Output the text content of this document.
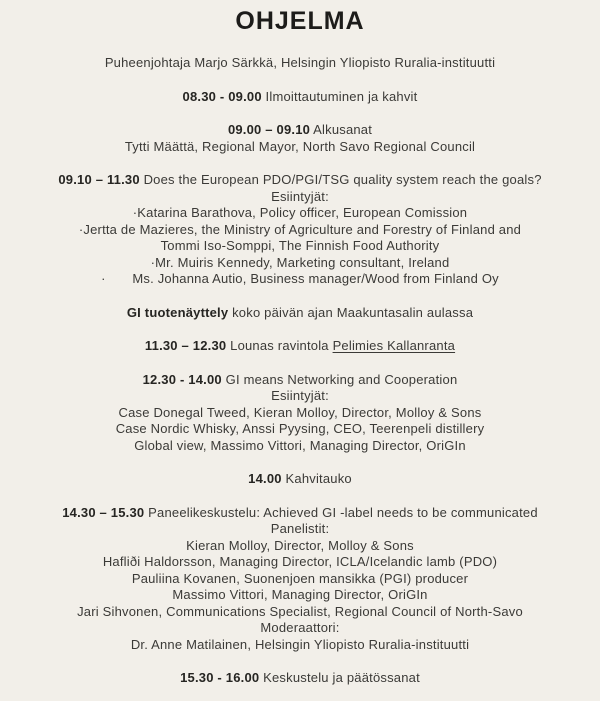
OHJELMA
Puheenjohtaja Marjo Särkkä, Helsingin Yliopisto Ruralia-instituutti
08.30 - 09.00 Ilmoittautuminen ja kahvit
09.00 – 09.10 Alkusanat
Tytti Määttä, Regional Mayor, North Savo Regional Council
09.10 – 11.30 Does the European PDO/PGI/TSG quality system reach the goals?
Esiintyjät:
·Katarina Barathova, Policy officer, European Comission
·Jertta de Mazieres, the Ministry of Agriculture and Forestry of Finland and
Tommi Iso-Somppi, The Finnish Food Authority
·Mr. Muiris Kennedy, Marketing consultant, Ireland
·       Ms. Johanna Autio, Business manager/Wood from Finland Oy
GI tuotenäyttely koko päivän ajan Maakuntasalin aulassa
11.30 – 12.30 Lounas ravintola Pelimies Kallanranta
12.30 - 14.00 GI means Networking and Cooperation
Esiintyjät:
Case Donegal Tweed, Kieran Molloy, Director, Molloy & Sons
Case Nordic Whisky, Anssi Pyysing, CEO, Teerenpeli distillery
Global view, Massimo Vittori, Managing Director, OriGIn
14.00 Kahvitauko
14.30 – 15.30 Paneelikeskustelu: Achieved GI -label needs to be communicated
Panelistit:
Kieran Molloy, Director, Molloy & Sons
Hafliði Haldorsson, Managing Director, ICLA/Icelandic lamb (PDO)
Pauliina Kovanen, Suonenjoen mansikka (PGI) producer
Massimo Vittori, Managing Director, OriGIn
Jari Sihvonen, Communications Specialist, Regional Council of North-Savo
Moderaattori:
Dr. Anne Matilainen, Helsingin Yliopisto Ruralia-instituutti
15.30 - 16.00 Keskustelu ja päätössanat
